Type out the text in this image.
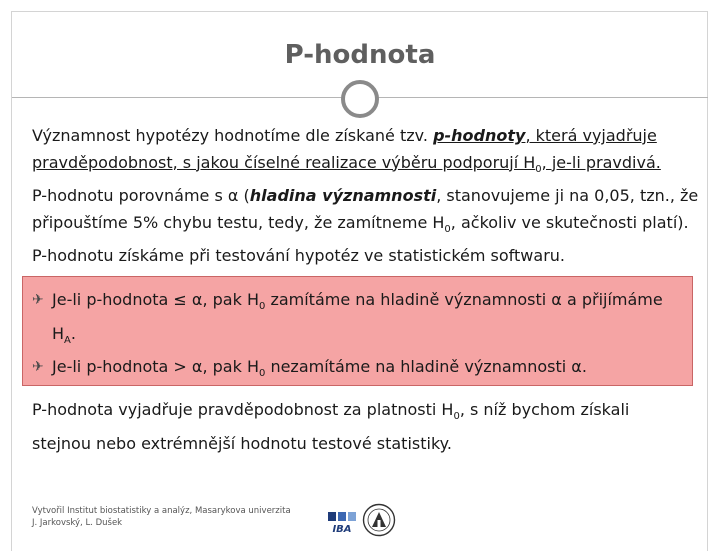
P-hodnota

Významnost hypotézy hodnotíme dle získané tzv. p-hodnoty, která vyjadřuje

pravděpodobnost, s jakou číselné realizace výběru podporují $H_0$, je-li pravdivá.

P-hodnotu porovnáme s α (hladina významnosti, stanovujeme ji na 0,05, tzn., že

připouštíme 5% chybu testu, tedy, že zamítneme $H_0$, ačkoliv ve skutečnosti platí).

P-hodnotu získáme při testování hypotéz ve statistickém softwaru.

✈ Je-li p-hodnota ≤ α, pak $H_0$ zamítáme na hladině významnosti α a přijímáme
$H_A$.
✈ Je-li p-hodnota > α, pak $H_0$ nezamítáme na hladině významnosti α.

P-hodnota vyjadřuje pravděpodobnost za platnosti $H_0$, s níž bychom získali

stejnou nebo extrémnější hodnotu testové statistiky.

Vytvořil Institut biostatistiky a analýz, Masarykova univerzita
J. Jarkovský, L. Dušek
IBA
